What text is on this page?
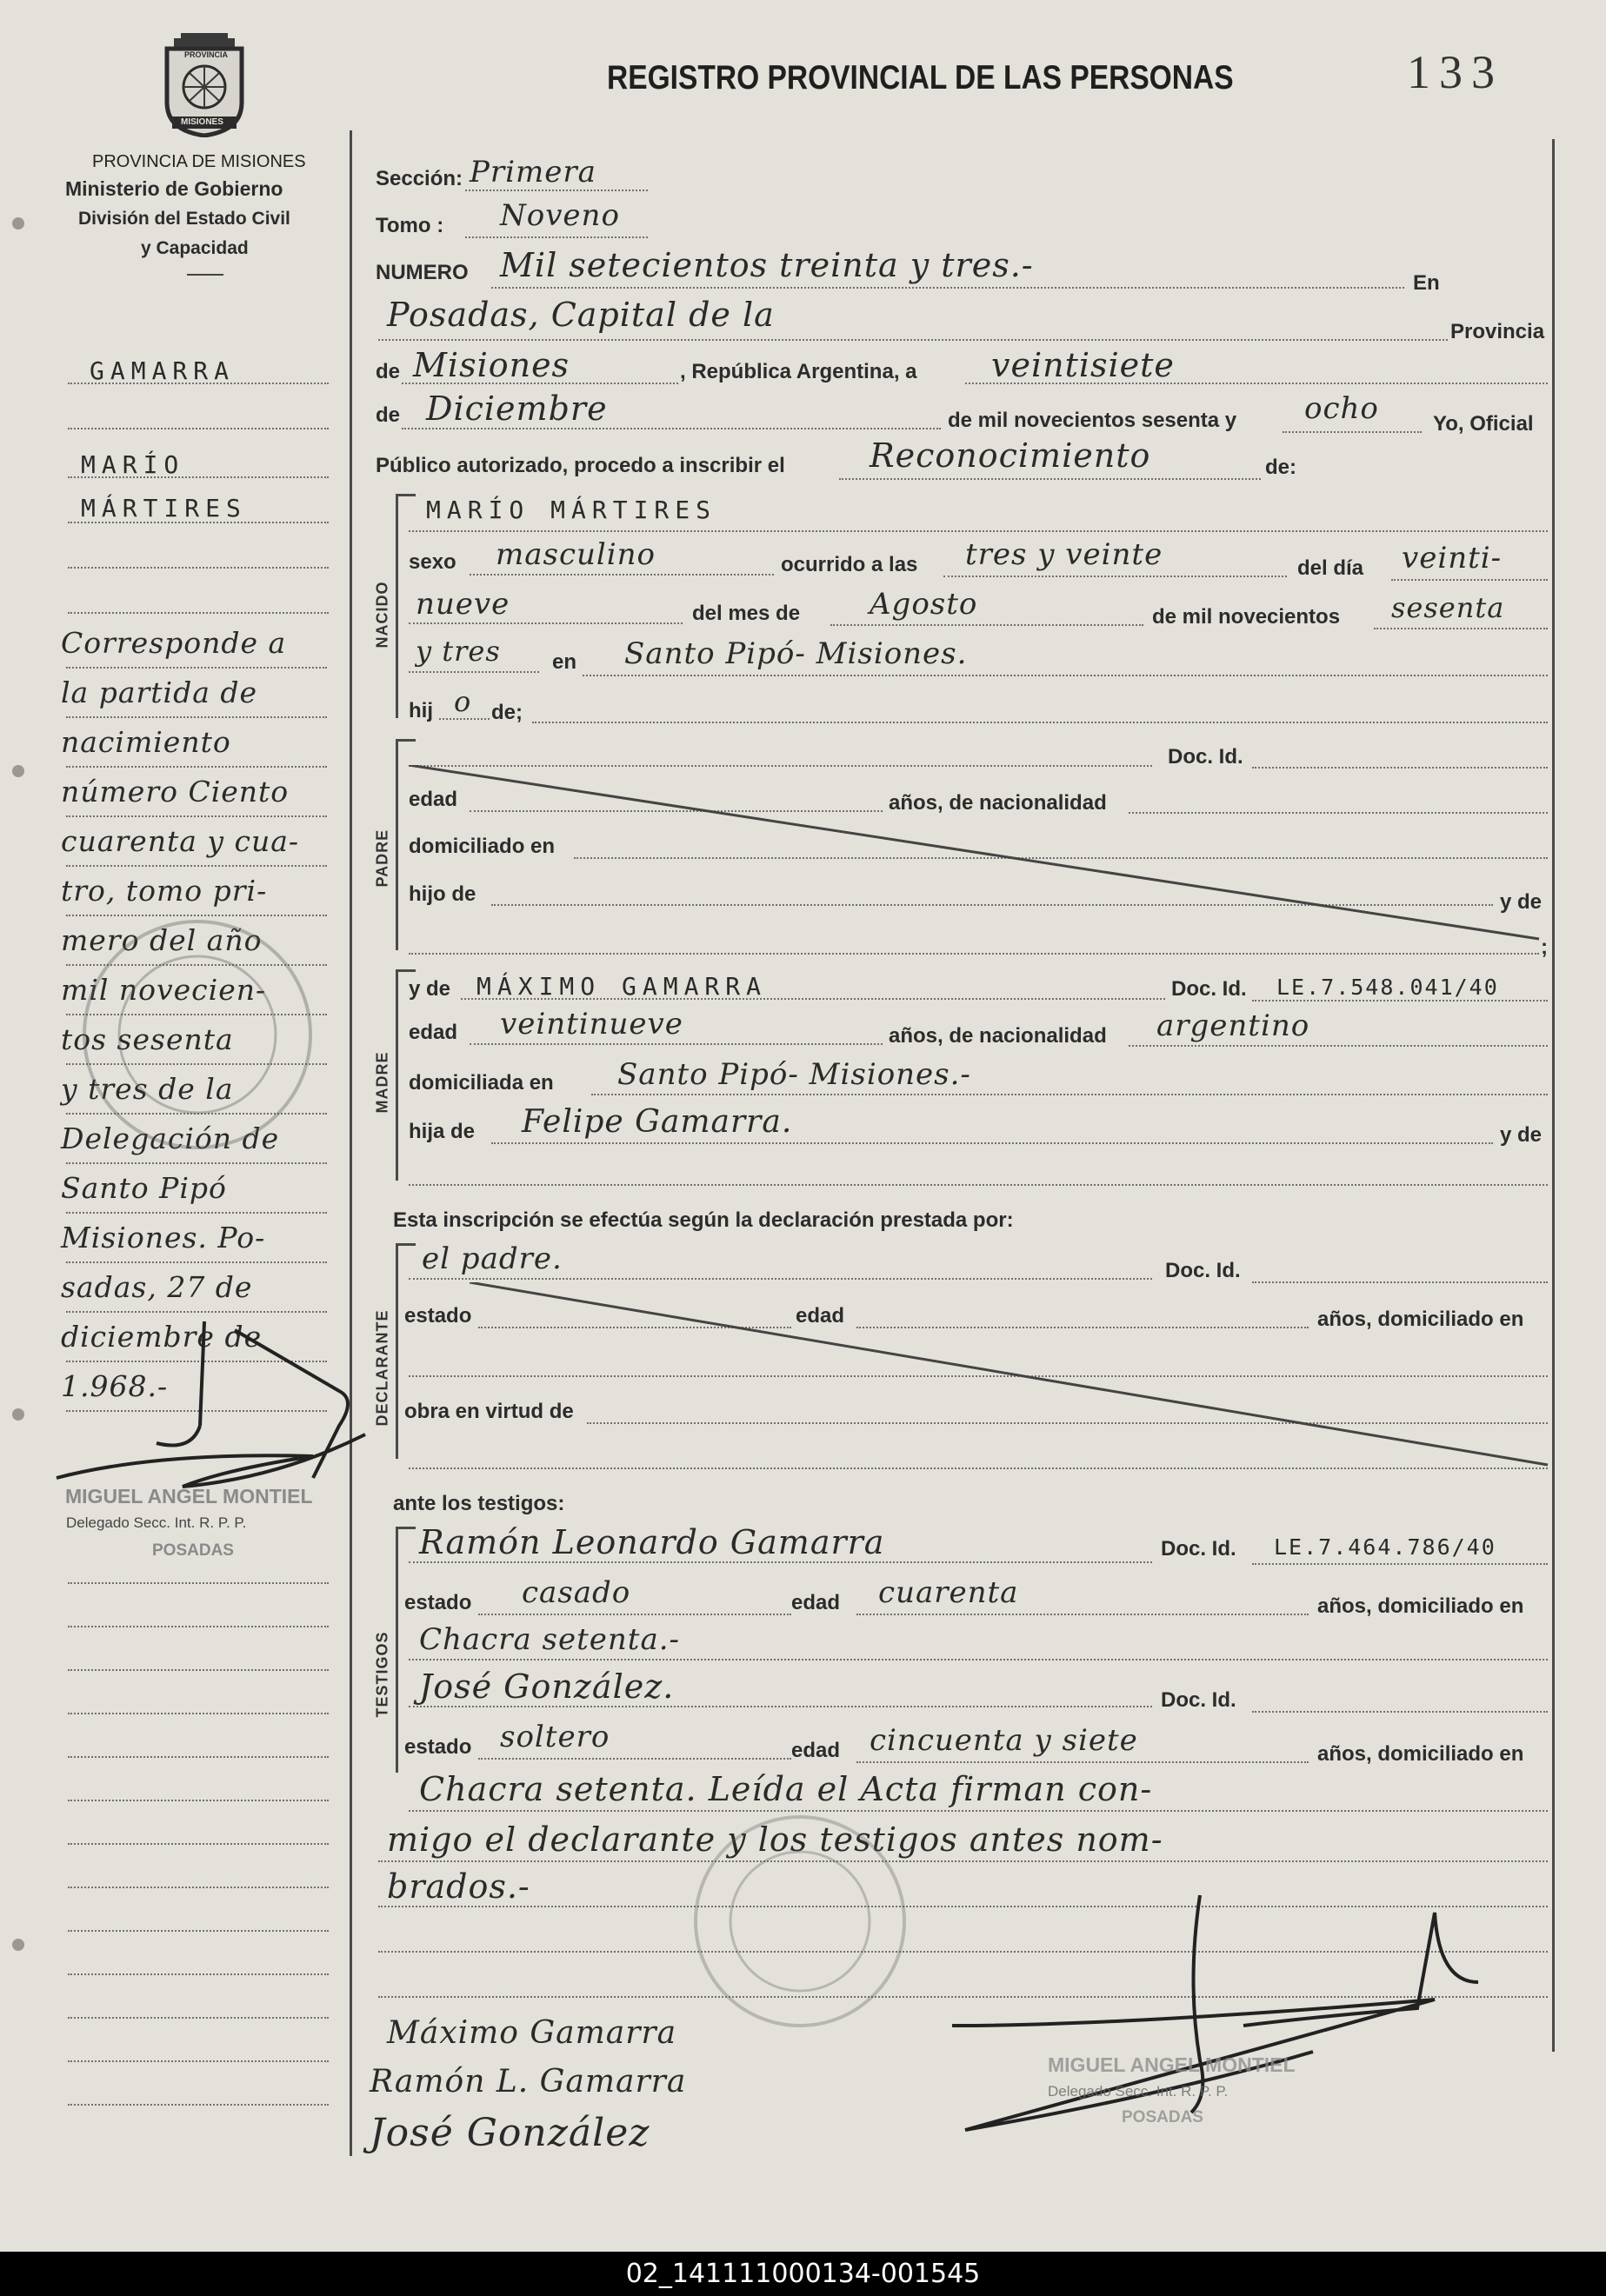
PROVINCIA
MISIONES
PROVINCIA DE MISIONES
Ministerio de Gobierno
División del Estado Civil
y Capacidad
REGISTRO PROVINCIAL DE LAS PERSONAS	133
GAMARRA
MARÍO
MÁRTIRES
Corresponde a
la partida de
nacimiento
número Ciento
cuarenta y cua-
tro, tomo pri-
mero del año
mil novecien-
tos sesenta
y tres de la
Delegación de
Santo Pipó
Misiones. Po-
sadas, 27 de
diciembre de
1.968.-
MIGUEL ANGEL MONTIEL
Delegado Secc. Int. R. P. P.
POSADAS
Sección: Primera
Tomo : Noveno
NUMERO Mil setecientos treinta y tres.-	En
Posadas, Capital de la	Provincia
de Misiones	, República Argentina, a veintisiete
de Diciembre	de mil novecientos sesenta y ocho	Yo, Oficial
Público autorizado, procedo a inscribir el	Reconocimiento	de:
NACIDO
MARÍO MÁRTIRES
sexo masculino	ocurrido a las tres y veinte	del día veinti-
nueve	del mes de Agosto	de mil novecientos sesenta
y tres en Santo Pipó- Misiones.
hij o de;
PADRE
Doc. Id.
edad	años, de nacionalidad
domiciliado en
hijo de	y de
;
MADRE
y de MÁXIMO GAMARRA	Doc. Id. LE.7.548.041/40
edad veintinueve	años, de nacionalidad argentino
domiciliada en Santo Pipó- Misiones.-
hija de Felipe Gamarra.	y de
Esta inscripción se efectúa según la declaración prestada por:
DECLARANTE
el padre.	Doc. Id.
estado	edad	años, domiciliado en
obra en virtud de
ante los testigos:
TESTIGOS
Ramón Leonardo Gamarra	Doc. Id. LE.7.464.786/40
estado casado	edad cuarenta	años, domiciliado en
Chacra setenta.-
José González.	Doc. Id.
estado soltero	edad cincuenta y siete	años, domiciliado en
Chacra setenta. Leída el Acta firman con-
migo el declarante y los testigos antes nom-
brados.-
Máximo Gamarra
Ramón L. Gamarra
José González
MIGUEL ANGEL MONTIEL
Delegado Secc. Int. R. P. P.
POSADAS
02_141111000134-001545
